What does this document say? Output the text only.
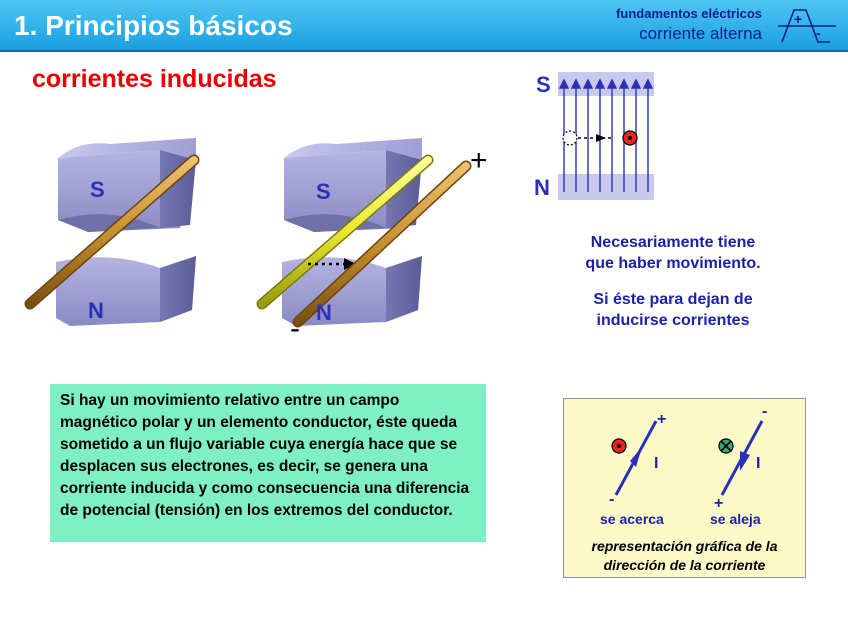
1. Principios básicos	fundamentos eléctricos
corriente alterna
+
-
corrientes inducidas
S
N
S
N
+
-
S
N
Necesariamente tiene
que haber movimiento.
Si éste para dejan de
inducirse corrientes
Si hay un movimiento relativo entre un campo magnético polar y un elemento conductor, éste queda sometido a un flujo variable cuya energía hace que se desplacen sus electrones, es decir, se genera una corriente inducida y como consecuencia una diferencia de potencial (tensión) en los extremos del conductor.
+
-
I
se acerca
-
+
I
se aleja
representación gráfica de la
dirección de la corriente
